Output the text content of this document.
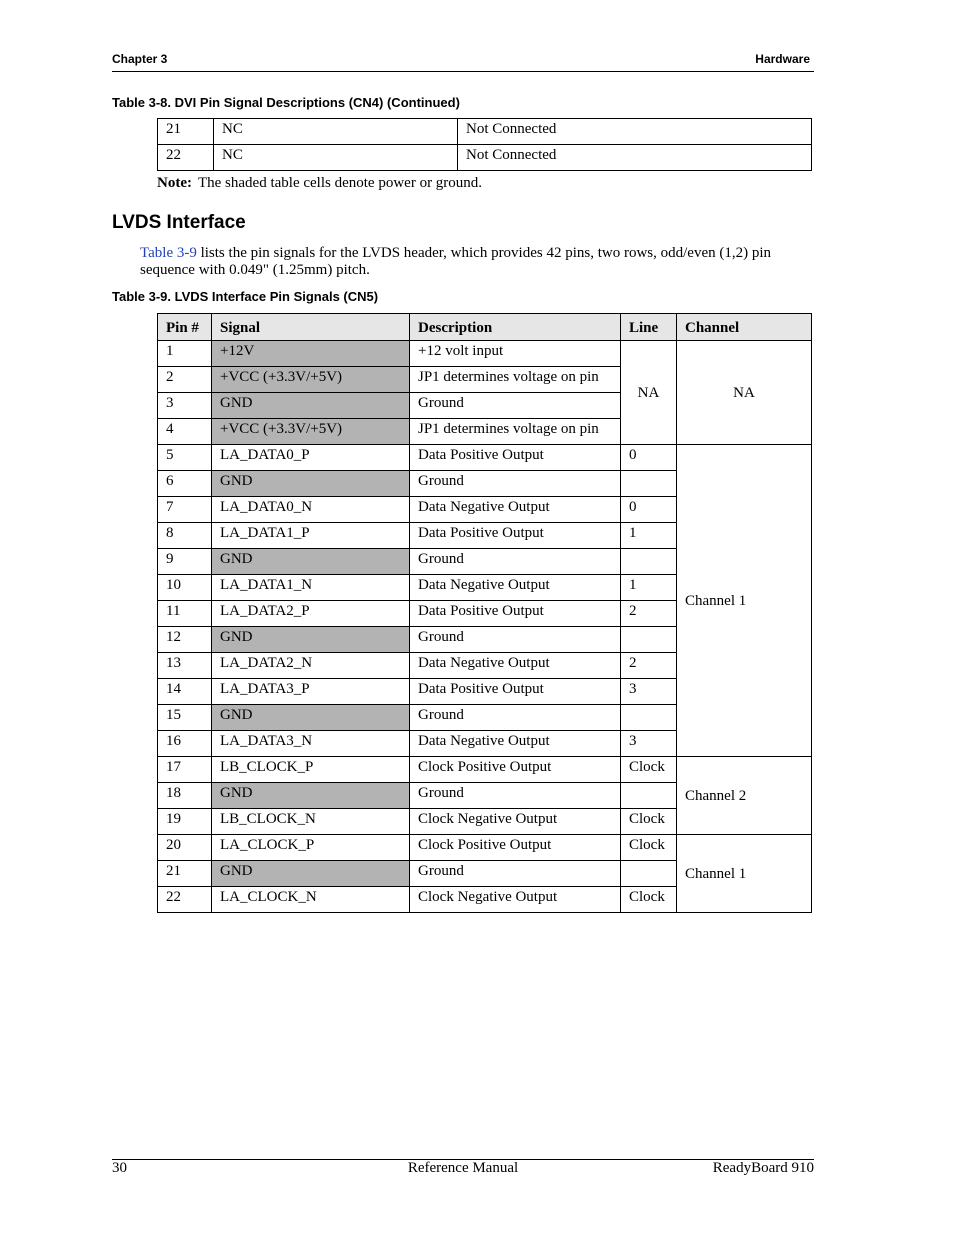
Chapter 3	Hardware
Table 3-8. DVI Pin Signal Descriptions (CN4) (Continued)
21	NC	Not Connected
22	NC	Not Connected
Note: The shaded table cells denote power or ground.
LVDS Interface
Table 3-9 lists the pin signals for the LVDS header, which provides 42 pins, two rows, odd/even (1,2) pin sequence with 0.049" (1.25mm) pitch.
Table 3-9. LVDS Interface Pin Signals (CN5)
Pin #	Signal	Description	Line	Channel
1	+12V	+12 volt input	NA	NA
2	+VCC (+3.3V/+5V)	JP1 determines voltage on pin		
3	GND	Ground		
4	+VCC (+3.3V/+5V)	JP1 determines voltage on pin		
5	LA_DATA0_P	Data Positive Output	0	Channel 1
6	GND	Ground		
7	LA_DATA0_N	Data Negative Output	0	
8	LA_DATA1_P	Data Positive Output	1	
9	GND	Ground		
10	LA_DATA1_N	Data Negative Output	1	
11	LA_DATA2_P	Data Positive Output	2	
12	GND	Ground		
13	LA_DATA2_N	Data Negative Output	2	
14	LA_DATA3_P	Data Positive Output	3	
15	GND	Ground		
16	LA_DATA3_N	Data Negative Output	3	
17	LB_CLOCK_P	Clock Positive Output	Clock	Channel 2
18	GND	Ground		
19	LB_CLOCK_N	Clock Negative Output	Clock	
20	LA_CLOCK_P	Clock Positive Output	Clock	Channel 1
21	GND	Ground		
22	LA_CLOCK_N	Clock Negative Output	Clock	
30	Reference Manual	ReadyBoard 910
